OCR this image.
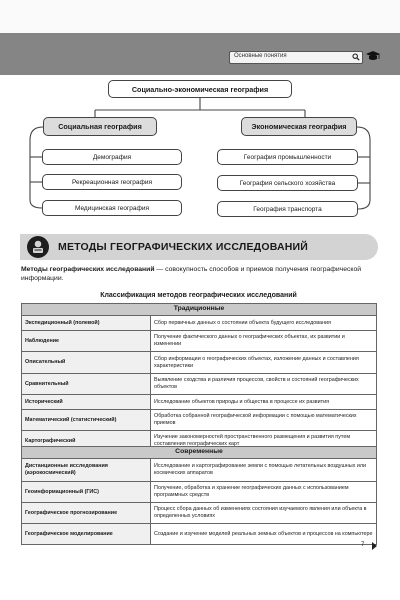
Основные понятия
Социально-экономическая география
Социальная география	Экономическая география
Демография
Рекреационная география
Медицинская география
География промышленности
География сельского хозяйства
География транспорта
МЕТОДЫ ГЕОГРАФИЧЕСКИХ ИССЛЕДОВАНИЙ
Методы географических исследований — совокупность способов и приемов получения географической информации.
Классификация методов географических исследований
Традиционные	
Экспедиционный (полевой)	Сбор первичных данных о состоянии объекта будущего исследования
Наблюдение	Получение фактического данных о географических объектах, их развитии и изменении
Описательный	Сбор информации о географических объектах, изложение данных и составления характеристики
Сравнительный	Выявление сходства и различия процессов, свойств и состояний географических объектов
Исторический	Исследование объектов природы и общества в процессе их развития
Математический (статистический)	Обработка собранной географической информации с помощью математических приемов
Картографический	Изучение закономерностей пространственного размещения и развития путем составления географических карт
Современные	
Дистанционные исследования (аэрокосмический)	Исследование и картографирование земли с помощью летательных воздушных или космических аппаратов
Геоинформационный (ГИС)	Получение, обработка и хранение географических данных с использованием программных средств
Географическое прогнозирование	Процесс сбора данных об изменениях состояния изучаемого явления или объекта в определенных условиях
Географическое моделирование	Создание и изучение моделей реальных земных объектов и процессов на компьютере
7
